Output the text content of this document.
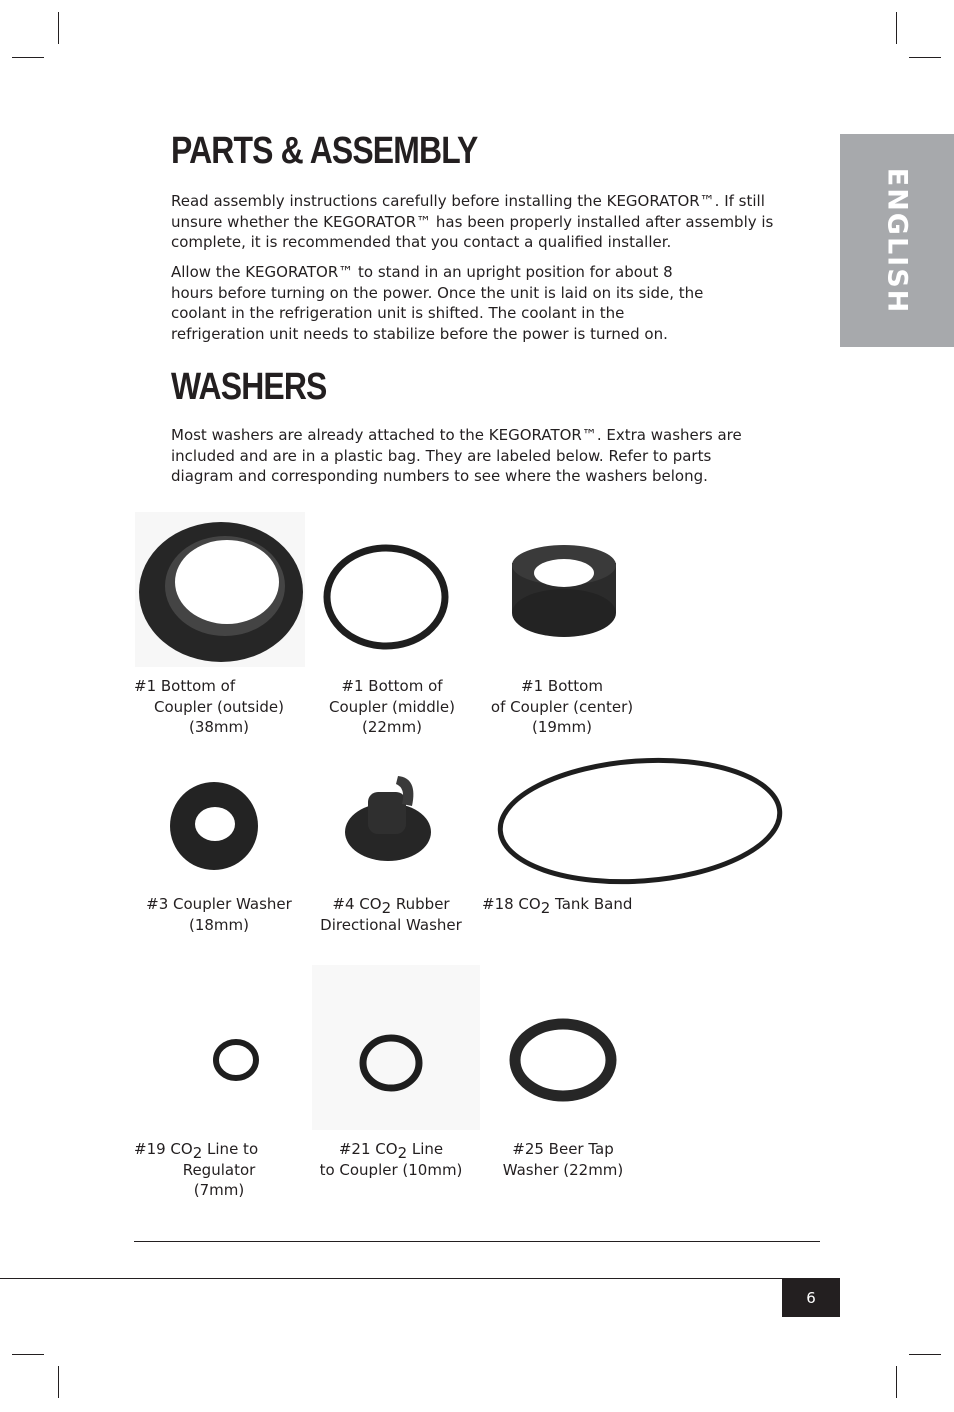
ENGLISH
PARTS & ASSEMBLY

Read assembly instructions carefully before installing the KEGORATOR™. If still unsure whether the KEGORATOR™ has been properly installed after assembly is complete, it is recommended that you contact a qualified installer.

Allow the KEGORATOR™ to stand in an upright position for about 8 hours before turning on the power. Once the unit is laid on its side, the coolant in the refrigeration unit is shifted. The coolant in the refrigeration unit needs to stabilize before the power is turned on.

WASHERS

Most washers are already attached to the KEGORATOR™. Extra washers are included and are in a plastic bag. They are labeled below. Refer to parts diagram and corresponding numbers to see where the washers belong.

#1 Bottom of
Coupler (outside)
(38mm)
#1 Bottom of
Coupler (middle)
(22mm)
#1 Bottom
of Coupler (center)
(19mm)
#3 Coupler Washer
(18mm)
#4 CO2 Rubber
Directional Washer
#18 CO2 Tank Band
#19 CO2 Line to
Regulator
(7mm)
#21 CO2 Line
to Coupler (10mm)
#25 Beer Tap
Washer (22mm)
6
